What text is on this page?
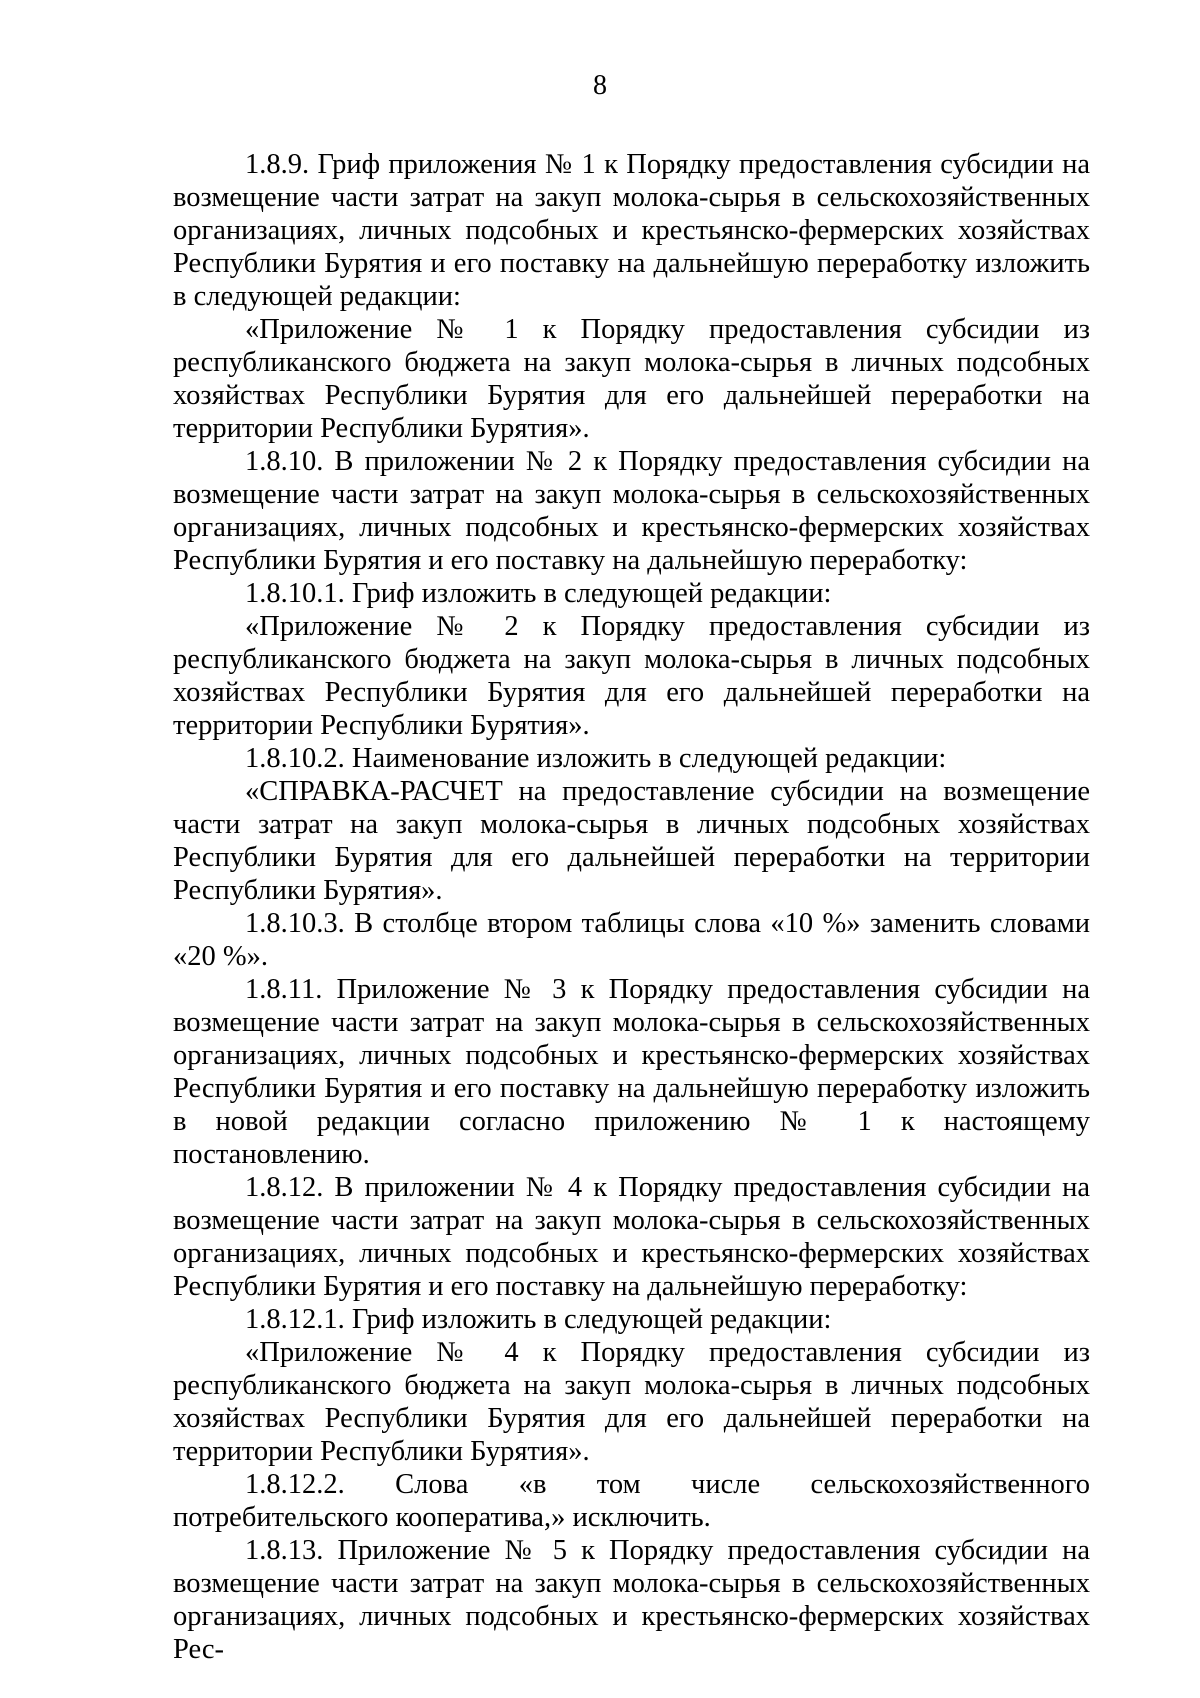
8

1.8.9. Гриф приложения № 1 к Порядку предоставления субсидии на возмещение части затрат на закуп молока-сырья в сельскохозяйственных организациях, личных подсобных и крестьянско-фермерских хозяйствах Республики Бурятия и его поставку на дальнейшую переработку изложить в следующей редакции:

«Приложение № 1 к Порядку предоставления субсидии из республиканского бюджета на закуп молока-сырья в личных подсобных хозяйствах Республики Бурятия для его дальнейшей переработки на территории Республики Бурятия».

1.8.10. В приложении № 2 к Порядку предоставления субсидии на возмещение части затрат на закуп молока-сырья в сельскохозяйственных организациях, личных подсобных и крестьянско-фермерских хозяйствах Республики Бурятия и его поставку на дальнейшую переработку:

1.8.10.1. Гриф изложить в следующей редакции:

«Приложение № 2 к Порядку предоставления субсидии из республиканского бюджета на закуп молока-сырья в личных подсобных хозяйствах Республики Бурятия для его дальнейшей переработки на территории Республики Бурятия».

1.8.10.2. Наименование изложить в следующей редакции:

«СПРАВКА-РАСЧЕТ на предоставление субсидии на возмещение части затрат на закуп молока-сырья в личных подсобных хозяйствах Республики Бурятия для его дальнейшей переработки на территории Республики Бурятия».

1.8.10.3. В столбце втором таблицы слова «10 %» заменить словами «20 %».

1.8.11. Приложение № 3 к Порядку предоставления субсидии на возмещение части затрат на закуп молока-сырья в сельскохозяйственных организациях, личных подсобных и крестьянско-фермерских хозяйствах Республики Бурятия и его поставку на дальнейшую переработку изложить в новой редакции согласно приложению № 1 к настоящему постановлению.

1.8.12. В приложении № 4 к Порядку предоставления субсидии на возмещение части затрат на закуп молока-сырья в сельскохозяйственных организациях, личных подсобных и крестьянско-фермерских хозяйствах Республики Бурятия и его поставку на дальнейшую переработку:

1.8.12.1. Гриф изложить в следующей редакции:

«Приложение № 4 к Порядку предоставления субсидии из республиканского бюджета на закуп молока-сырья в личных подсобных хозяйствах Республики Бурятия для его дальнейшей переработки на территории Республики Бурятия».

1.8.12.2. Слова «в том числе сельскохозяйственного потребительского кооператива,» исключить.

1.8.13. Приложение № 5 к Порядку предоставления субсидии на возмещение части затрат на закуп молока-сырья в сельскохозяйственных организациях, личных подсобных и крестьянско-фермерских хозяйствах Рес-
